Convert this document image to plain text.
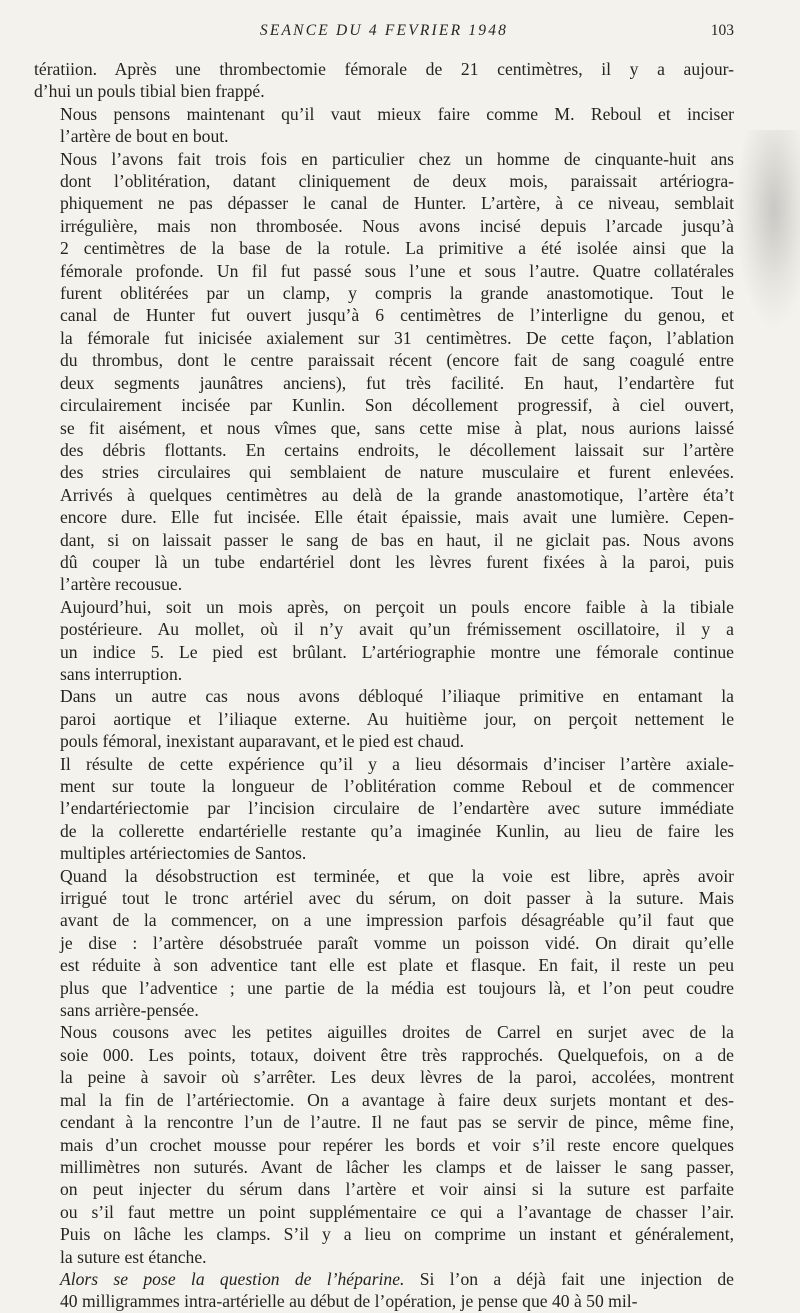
SEANCE DU 4 FEVRIER 1948	103

tératiion. Après une thrombectomie fémorale de 21 centimètres, il y a aujour-
d’hui un pouls tibial bien frappé.

Nous pensons maintenant qu’il vaut mieux faire comme M. Reboul et inciser
l’artère de bout en bout.

Nous l’avons fait trois fois en particulier chez un homme de cinquante-huit ans
dont l’oblitération, datant cliniquement de deux mois, paraissait artériogra-
phiquement ne pas dépasser le canal de Hunter. L’artère, à ce niveau, semblait
irrégulière, mais non thrombosée. Nous avons incisé depuis l’arcade jusqu’à
2 centimètres de la base de la rotule. La primitive a été isolée ainsi que la
fémorale profonde. Un fil fut passé sous l’une et sous l’autre. Quatre collatérales
furent oblitérées par un clamp, y compris la grande anastomotique. Tout le
canal de Hunter fut ouvert jusqu’à 6 centimètres de l’interligne du genou, et
la fémorale fut inicisée axialement sur 31 centimètres. De cette façon, l’ablation
du thrombus, dont le centre paraissait récent (encore fait de sang coagulé entre
deux segments jaunâtres anciens), fut très facilité. En haut, l’endartère fut
circulairement incisée par Kunlin. Son décollement progressif, à ciel ouvert,
se fit aisément, et nous vîmes que, sans cette mise à plat, nous aurions laissé
des débris flottants. En certains endroits, le décollement laissait sur l’artère
des stries circulaires qui semblaient de nature musculaire et furent enlevées.
Arrivés à quelques centimètres au delà de la grande anastomotique, l’artère éta’t
encore dure. Elle fut incisée. Elle était épaissie, mais avait une lumière. Cepen-
dant, si on laissait passer le sang de bas en haut, il ne giclait pas. Nous avons
dû couper là un tube endartériel dont les lèvres furent fixées à la paroi, puis
l’artère recousue.

Aujourd’hui, soit un mois après, on perçoit un pouls encore faible à la tibiale
postérieure. Au mollet, où il n’y avait qu’un frémissement oscillatoire, il y a
un indice 5. Le pied est brûlant. L’artériographie montre une fémorale continue
sans interruption.

Dans un autre cas nous avons débloqué l’iliaque primitive en entamant la
paroi aortique et l’iliaque externe. Au huitième jour, on perçoit nettement le
pouls fémoral, inexistant auparavant, et le pied est chaud.

Il résulte de cette expérience qu’il y a lieu désormais d’inciser l’artère axiale-
ment sur toute la longueur de l’oblitération comme Reboul et de commencer
l’endartériectomie par l’incision circulaire de l’endartère avec suture immédiate
de la collerette endartérielle restante qu’a imaginée Kunlin, au lieu de faire les
multiples artériectomies de Santos.

Quand la désobstruction est terminée, et que la voie est libre, après avoir
irrigué tout le tronc artériel avec du sérum, on doit passer à la suture. Mais
avant de la commencer, on a une impression parfois désagréable qu’il faut que
je dise : l’artère désobstruée paraît vomme un poisson vidé. On dirait qu’elle
est réduite à son adventice tant elle est plate et flasque. En fait, il reste un peu
plus que l’adventice ; une partie de la média est toujours là, et l’on peut coudre
sans arrière-pensée.

Nous cousons avec les petites aiguilles droites de Carrel en surjet avec de la
soie 000. Les points, totaux, doivent être très rapprochés. Quelquefois, on a de
la peine à savoir où s’arrêter. Les deux lèvres de la paroi, accolées, montrent
mal la fin de l’artériectomie. On a avantage à faire deux surjets montant et des-
cendant à la rencontre l’un de l’autre. Il ne faut pas se servir de pince, même fine,
mais d’un crochet mousse pour repérer les bords et voir s’il reste encore quelques
millimètres non suturés. Avant de lâcher les clamps et de laisser le sang passer,
on peut injecter du sérum dans l’artère et voir ainsi si la suture est parfaite
ou s’il faut mettre un point supplémentaire ce qui a l’avantage de chasser l’air.
Puis on lâche les clamps. S’il y a lieu on comprime un instant et généralement,
la suture est étanche.

Alors se pose la question de l’héparine. Si l’on a déjà fait une injection de
40 milligrammes intra-artérielle au début de l’opération, je pense que 40 à 50 mil-
